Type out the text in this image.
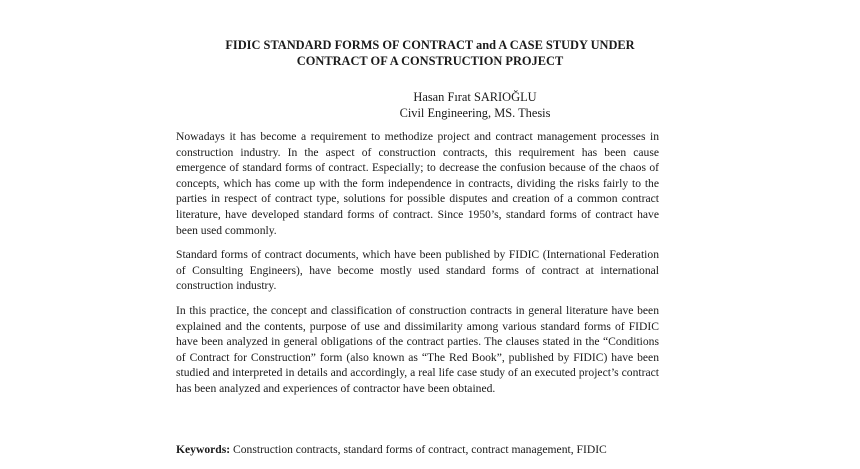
FIDIC STANDARD FORMS OF CONTRACT and A CASE STUDY UNDER
CONTRACT OF A CONSTRUCTION PROJECT
Hasan Fırat SARIOĞLU
Civil Engineering, MS. Thesis

Nowadays it has become a requirement to methodize project and contract management processes in construction industry. In the aspect of construction contracts, this requirement has been cause emergence of standard forms of contract. Especially; to decrease the confusion because of the chaos of concepts, which has come up with the form independence in contracts, dividing the risks fairly to the parties in respect of contract type, solutions for possible disputes and creation of a common contract literature, have developed standard forms of contract. Since 1950’s, standard forms of contract have been used commonly.

Standard forms of contract documents, which have been published by FIDIC (International Federation of Consulting Engineers), have become mostly used standard forms of contract at international construction industry.

In this practice, the concept and classification of construction contracts in general literature have been explained and the contents, purpose of use and dissimilarity among various standard forms of FIDIC have been analyzed in general obligations of the contract parties. The clauses stated in the “Conditions of Contract for Construction” form (also known as “The Red Book”, published by FIDIC) have been studied and interpreted in details and accordingly, a real life case study of an executed project’s contract has been analyzed and experiences of contractor have been obtained.

Keywords: Construction contracts, standard forms of contract, contract management, FIDIC
